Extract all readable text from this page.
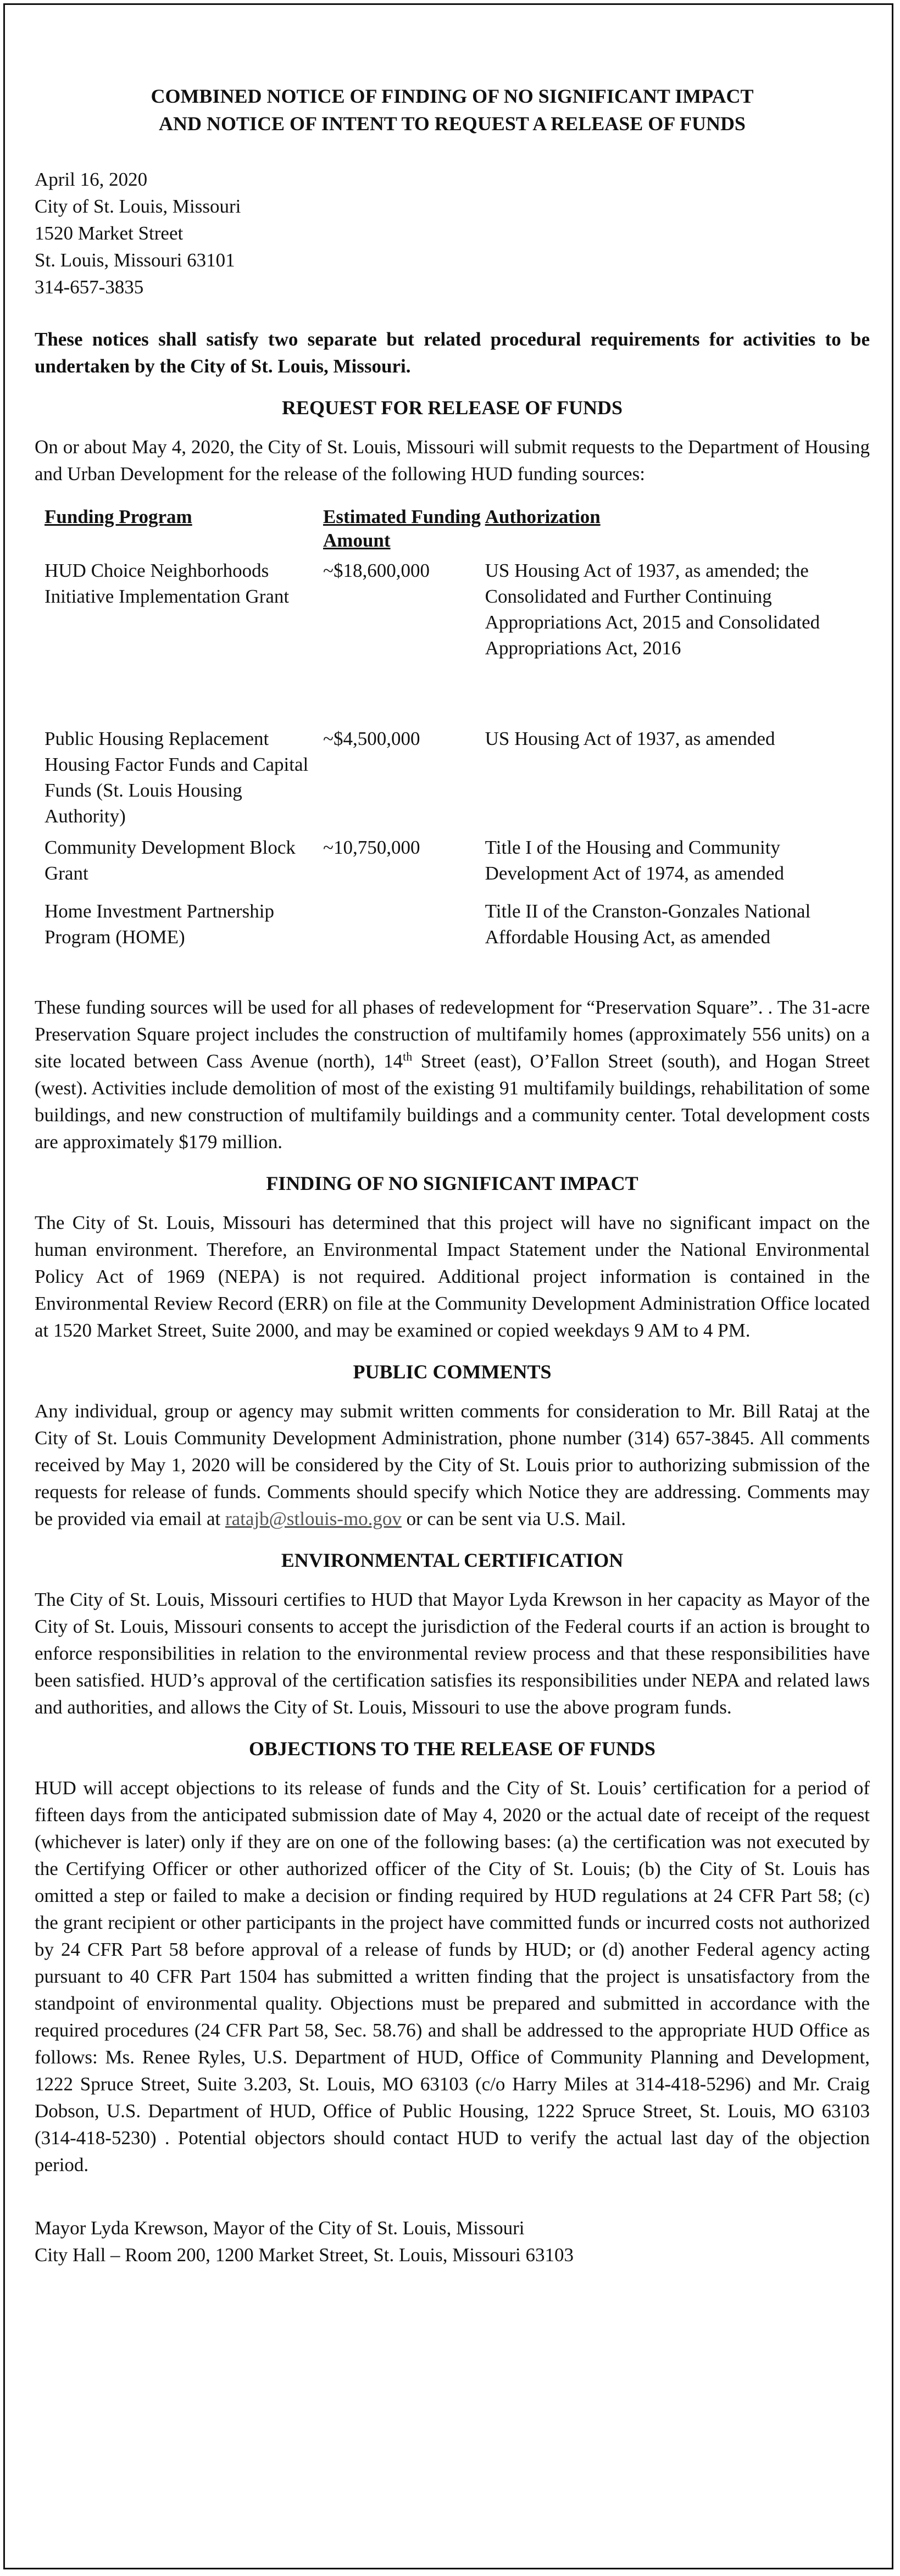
COMBINED NOTICE OF FINDING OF NO SIGNIFICANT IMPACT
AND NOTICE OF INTENT TO REQUEST A RELEASE OF FUNDS
April 16, 2020
City of St. Louis, Missouri
1520 Market Street
St. Louis, Missouri 63101
314-657-3835

These notices shall satisfy two separate but related procedural requirements for activities to be undertaken by the City of St. Louis, Missouri.

REQUEST FOR RELEASE OF FUNDS

On or about May 4, 2020, the City of St. Louis, Missouri will submit requests to the Department of Housing and Urban Development for the release of the following HUD funding sources:

Funding Program	Estimated Funding Amount	Authorization
HUD Choice Neighborhoods Initiative Implementation Grant	~$18,600,000	US Housing Act of 1937, as amended; the Consolidated and Further Continuing Appropriations Act, 2015 and Consolidated Appropriations Act, 2016
Public Housing Replacement Housing Factor Funds and Capital Funds (St. Louis Housing Authority)	~$4,500,000	US Housing Act of 1937, as amended
Community Development Block Grant	~10,750,000	Title I of the Housing and Community Development Act of 1974, as amended
Home Investment Partnership Program (HOME)		Title II of the Cranston-Gonzales National Affordable Housing Act, as amended

These funding sources will be used for all phases of redevelopment for “Preservation Square”. . The 31-acre Preservation Square project includes the construction of multifamily homes (approximately 556 units) on a site located between Cass Avenue (north), 14th Street (east), O’Fallon Street (south), and Hogan Street (west). Activities include demolition of most of the existing 91 multifamily buildings, rehabilitation of some buildings, and new construction of multifamily buildings and a community center. Total development costs are approximately $179 million.

FINDING OF NO SIGNIFICANT IMPACT

The City of St. Louis, Missouri has determined that this project will have no significant impact on the human environment. Therefore, an Environmental Impact Statement under the National Environmental Policy Act of 1969 (NEPA) is not required. Additional project information is contained in the Environmental Review Record (ERR) on file at the Community Development Administration Office located at 1520 Market Street, Suite 2000, and may be examined or copied weekdays 9 AM to 4 PM.

PUBLIC COMMENTS

Any individual, group or agency may submit written comments for consideration to Mr. Bill Rataj at the City of St. Louis Community Development Administration, phone number (314) 657-3845. All comments received by May 1, 2020 will be considered by the City of St. Louis prior to authorizing submission of the requests for release of funds. Comments should specify which Notice they are addressing. Comments may be provided via email at ratajb@stlouis-mo.gov or can be sent via U.S. Mail.

ENVIRONMENTAL CERTIFICATION

The City of St. Louis, Missouri certifies to HUD that Mayor Lyda Krewson in her capacity as Mayor of the City of St. Louis, Missouri consents to accept the jurisdiction of the Federal courts if an action is brought to enforce responsibilities in relation to the environmental review process and that these responsibilities have been satisfied. HUD’s approval of the certification satisfies its responsibilities under NEPA and related laws and authorities, and allows the City of St. Louis, Missouri to use the above program funds.

OBJECTIONS TO THE RELEASE OF FUNDS

HUD will accept objections to its release of funds and the City of St. Louis’ certification for a period of fifteen days from the anticipated submission date of May 4, 2020 or the actual date of receipt of the request (whichever is later) only if they are on one of the following bases: (a) the certification was not executed by the Certifying Officer or other authorized officer of the City of St. Louis; (b) the City of St. Louis has omitted a step or failed to make a decision or finding required by HUD regulations at 24 CFR Part 58; (c) the grant recipient or other participants in the project have committed funds or incurred costs not authorized by 24 CFR Part 58 before approval of a release of funds by HUD; or (d) another Federal agency acting pursuant to 40 CFR Part 1504 has submitted a written finding that the project is unsatisfactory from the standpoint of environmental quality. Objections must be prepared and submitted in accordance with the required procedures (24 CFR Part 58, Sec. 58.76) and shall be addressed to the appropriate HUD Office as follows: Ms. Renee Ryles, U.S. Department of HUD, Office of Community Planning and Development, 1222 Spruce Street, Suite 3.203, St. Louis, MO 63103 (c/o Harry Miles at 314-418-5296) and Mr. Craig Dobson, U.S. Department of HUD, Office of Public Housing, 1222 Spruce Street, St. Louis, MO 63103 (314-418-5230) . Potential objectors should contact HUD to verify the actual last day of the objection period.

Mayor Lyda Krewson, Mayor of the City of St. Louis, Missouri
City Hall – Room 200, 1200 Market Street, St. Louis, Missouri 63103
